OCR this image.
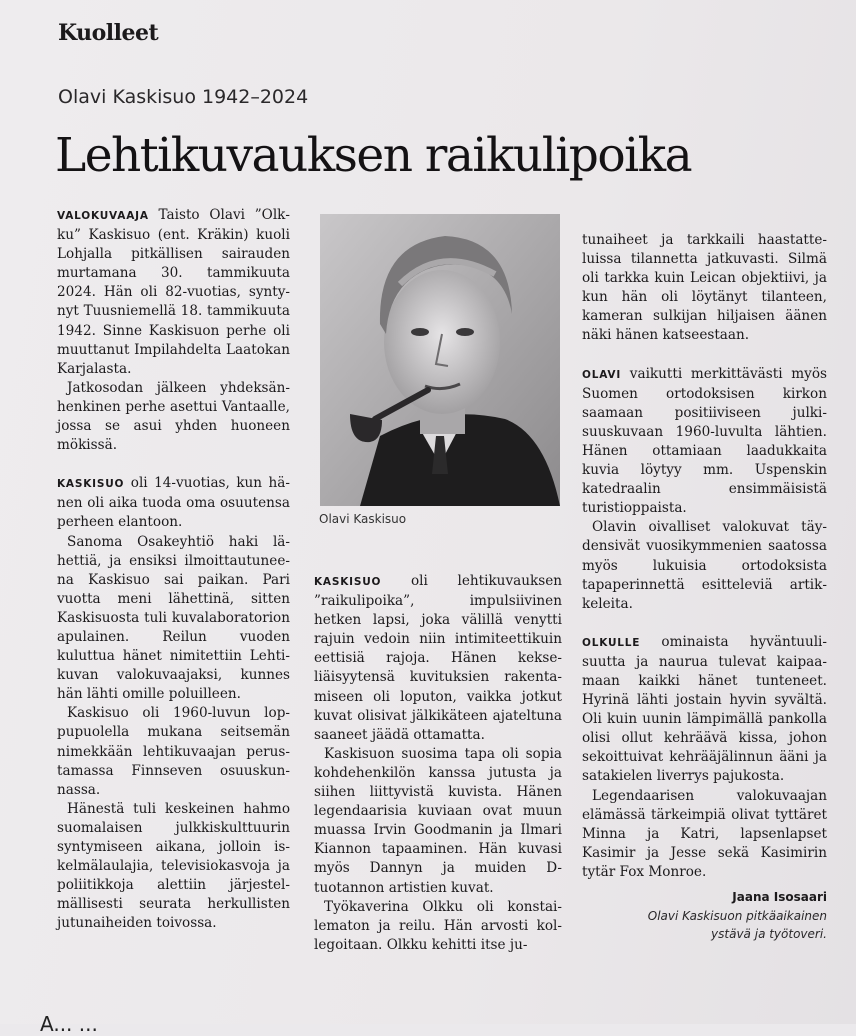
Kuolleet
Olavi Kaskisuo 1942–2024
Lehtikuvauksen raikulipoika

VALOKUVAAJA Taisto Olavi ”Olkku” Kaskisuo (ent. Kräkin) kuoli Lohjalla pitkällisen sairauden murtamana 30. tammikuuta 2024. Hän oli 82-vuotias, syntynyt Tuusniemellä 18. tammikuuta 1942. Sinne Kaskisuon perhe oli muuttanut Impilahdelta Laatokan Karjalasta.

Jatkosodan jälkeen yhdeksänhenkinen perhe asettui Vantaalle, jossa se asui yhden huoneen mökissä.

KASKISUO oli 14-vuotias, kun hänen oli aika tuoda oma osuutensa perheen elantoon.

Sanoma Osakeyhtiö haki lähettiä, ja ensiksi ilmoittautuneena Kaskisuo sai paikan. Pari vuotta meni lähettinä, sitten Kaskisuosta tuli kuvalaboratorion apulainen. Reilun vuoden kuluttua hänet nimitettiin Lehtikuvan valokuvaajaksi, kunnes hän lähti omille poluilleen.

Kaskisuo oli 1960-luvun loppupuolella mukana seitsemän nimekkään lehtikuvaajan perustamassa Finnseven osuuskunnassa.

Hänestä tuli keskeinen hahmo suomalaisen julkkiskulttuurin syntymiseen aikana, jolloin iskelmälaulajia, televisiokasvoja ja poliitikkoja alettiin järjestelmällisesti seurata herkullisten jutunaiheiden toivossa.

Olavi Kaskisuo

KASKISUO oli lehtikuvauksen ”raikulipoika”, impulsiivinen hetken lapsi, joka välillä venytti rajuin vedoin niin intimiteettikuin eettisiä rajoja. Hänen kekseliäisyytensä kuvituksien rakentamiseen oli loputon, vaikka jotkut kuvat olisivat jälkikäteen ajateltuna saaneet jäädä ottamatta.

Kaskisuon suosima tapa oli sopia kohdehenkilön kanssa jutusta ja siihen liittyvistä kuvista. Hänen legendaarisia kuviaan ovat muun muassa Irvin Goodmanin ja Ilmari Kiannon tapaaminen. Hän kuvasi myös Dannyn ja muiden D-tuotannon artistien kuvat.

Työkaverina Olkku oli konstailematon ja reilu. Hän arvosti kollegoitaan. Olkku kehitti itse ju-

tunaiheet ja tarkkaili haastatteluissa tilannetta jatkuvasti. Silmä oli tarkka kuin Leican objektiivi, ja kun hän oli löytänyt tilanteen, kameran sulkijan hiljaisen äänen näki hänen katseestaan.

OLAVI vaikutti merkittävästi myös Suomen ortodoksisen kirkon saamaan positiiviseen julkisuuskuvaan 1960-luvulta lähtien. Hänen ottamiaan laadukkaita kuvia löytyy mm. Uspenskin katedraalin ensimmäisistä turistioppaista.

Olavin oivalliset valokuvat täydensivät vuosikymmenien saatossa myös lukuisia ortodoksista tapaperinnettä esitteleviä artikkeleita.

OLKULLE ominaista hyväntuulisuutta ja naurua tulevat kaipaamaan kaikki hänet tunteneet. Hyrinä lähti jostain hyvin syvältä. Oli kuin uunin lämpimällä pankolla olisi ollut kehräävä kissa, johon sekoittuivat kehrääjälinnun ääni ja satakielen liverrys pajukosta.

Legendaarisen valokuvaajan elämässä tärkeimpiä olivat tyttäret Minna ja Katri, lapsenlapset Kasimir ja Jesse sekä Kasimirin tytär Fox Monroe.

Jaana Isosaari
Olavi Kaskisuon pitkäaikainen
ystävä ja työtoveri.
A... ...
